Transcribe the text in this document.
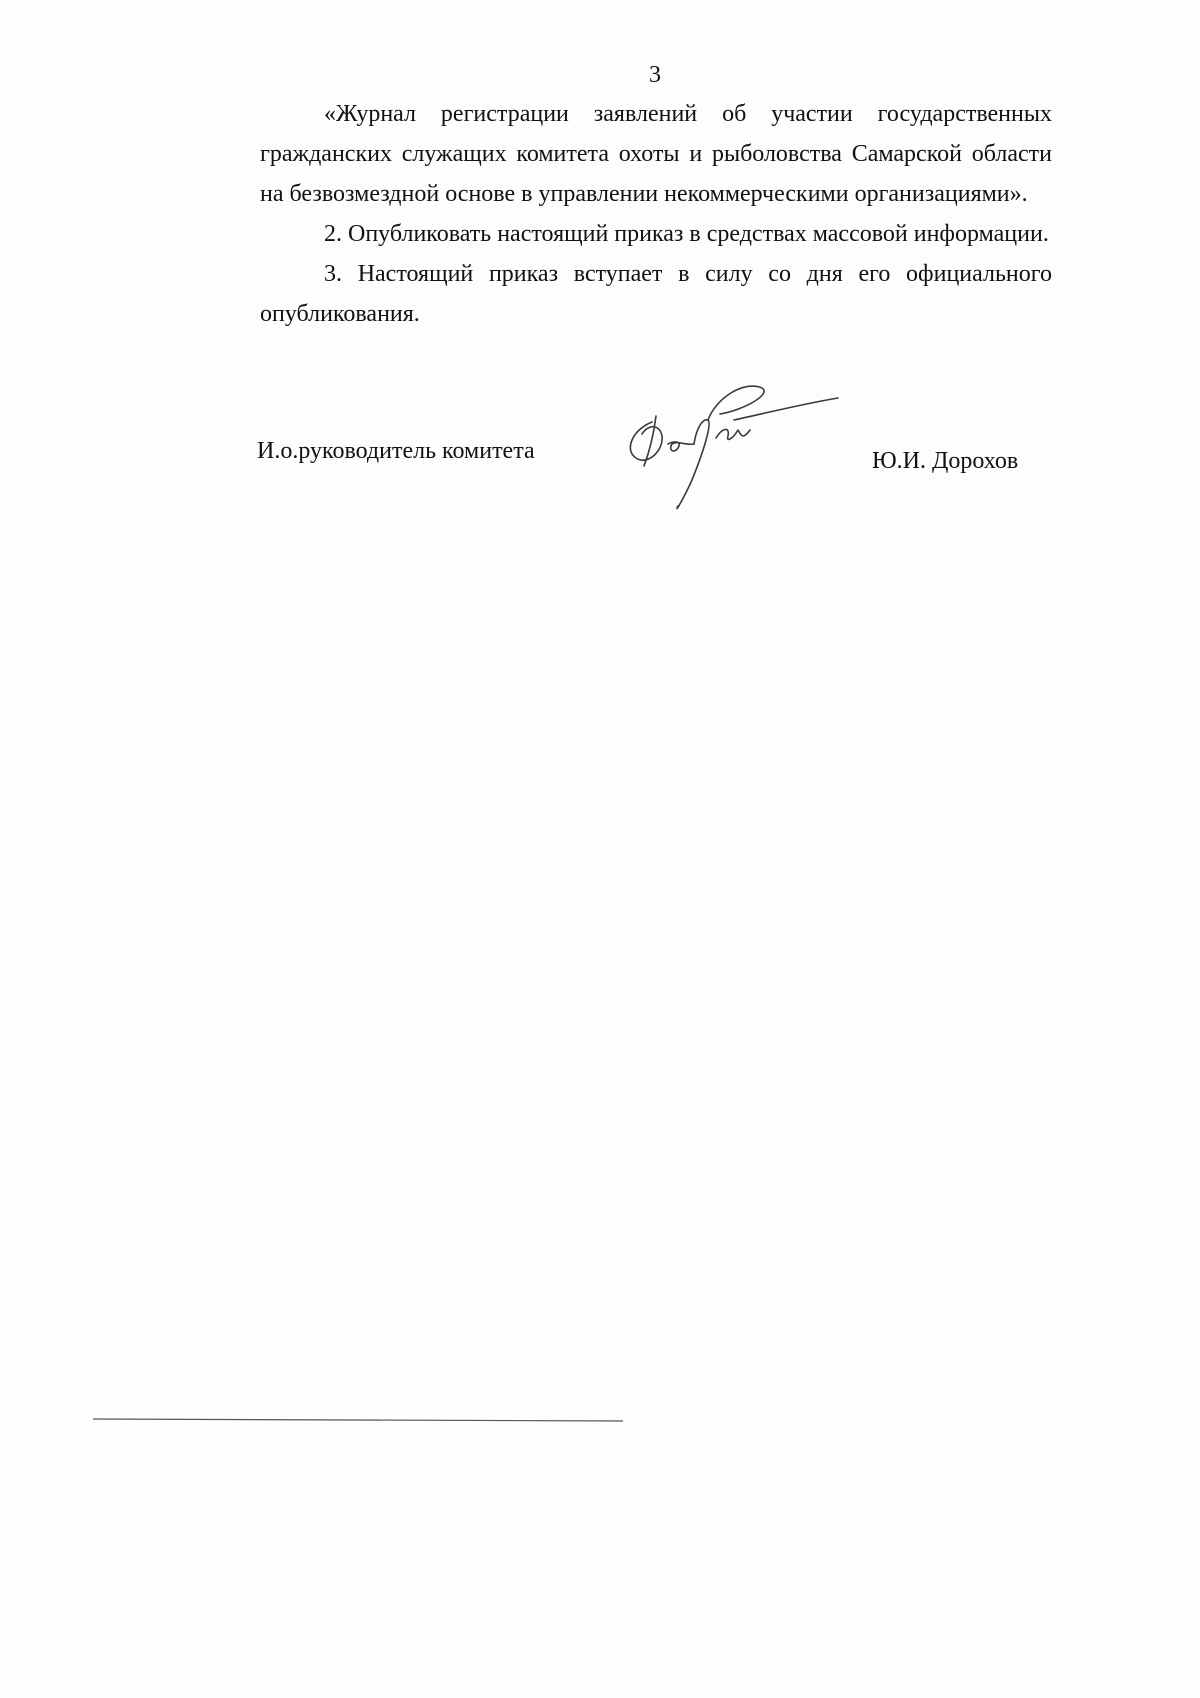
3

«Журнал регистрации заявлений об участии государственных гражданских служащих комитета охоты и рыболовства Самарской области на безвозмездной основе в управлении некоммерческими организациями».

2. Опубликовать настоящий приказ в средствах массовой информации.

3. Настоящий приказ вступает в силу со дня его официального опубликования.

И.о.руководитель комитета	Ю.И. Дорохов
